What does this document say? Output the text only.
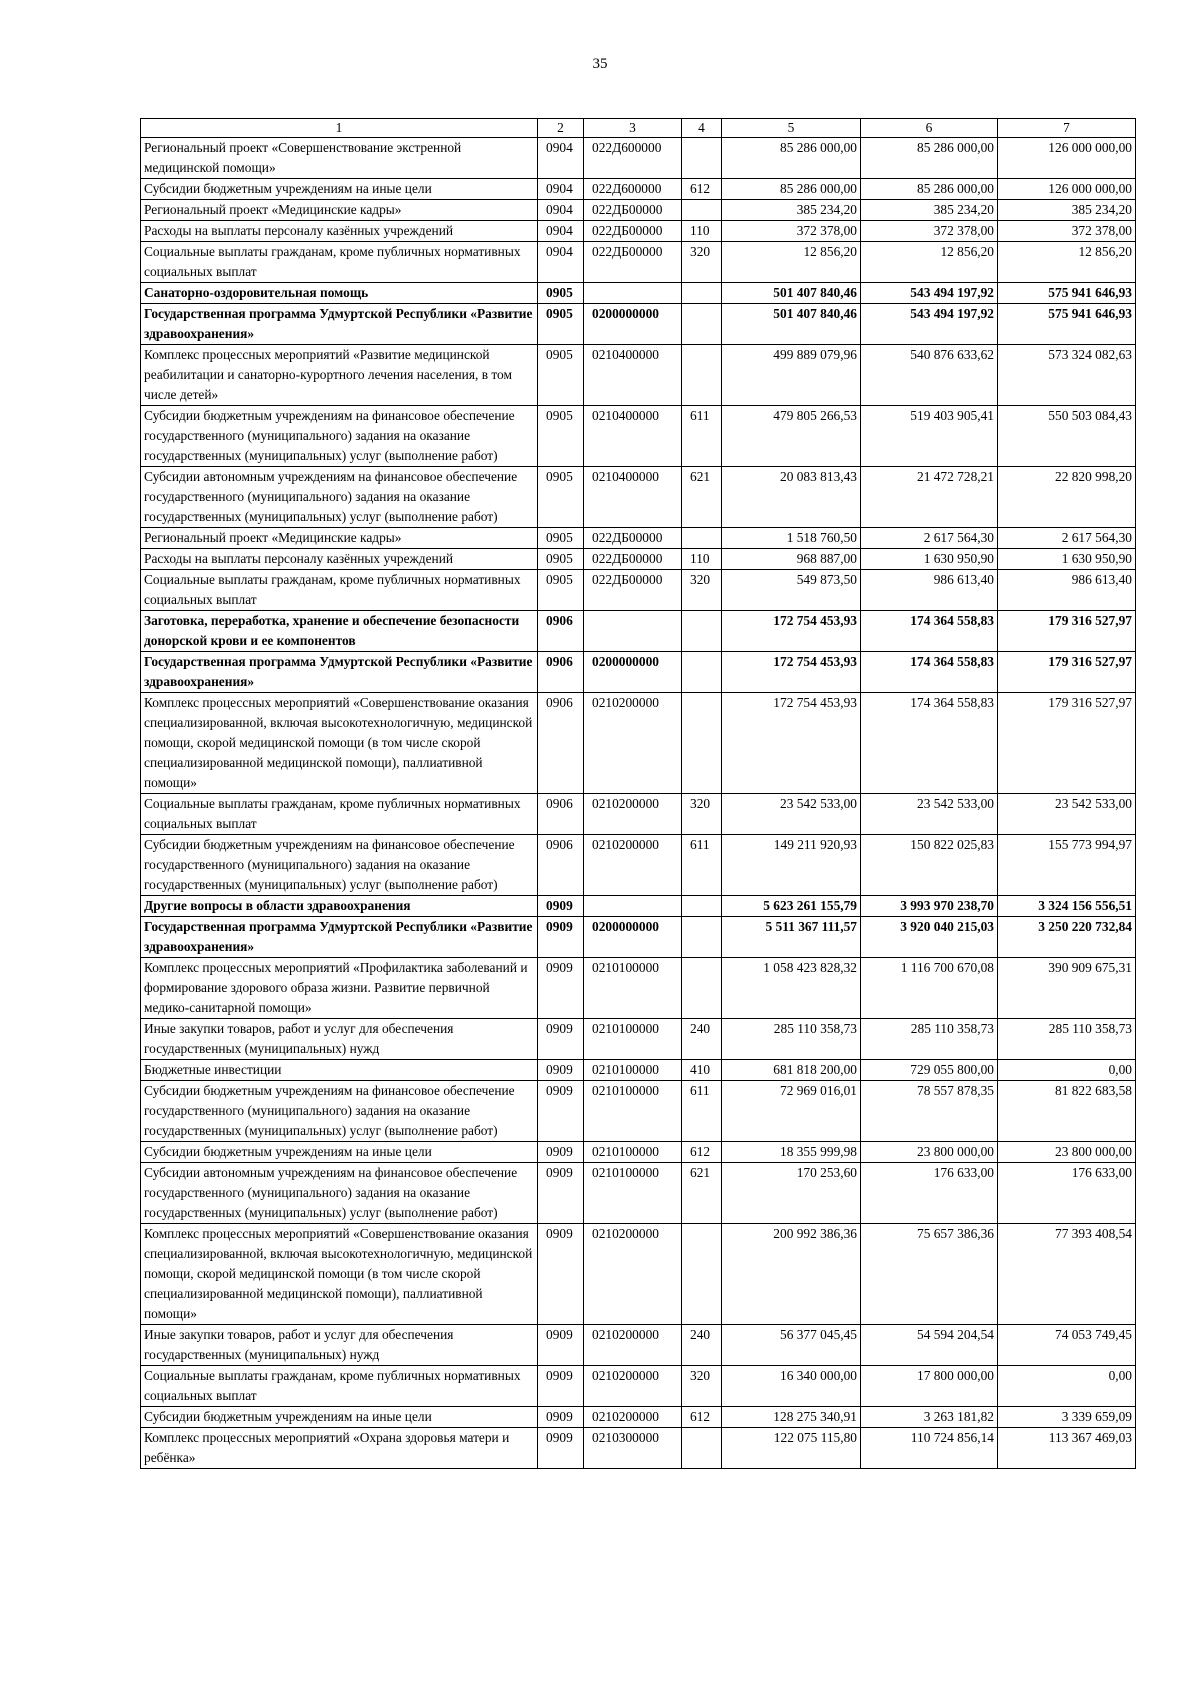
35
1	2	3	4	5	6	7
Региональный проект «Совершенствование экстренной медицинской помощи»	0904	022Д600000		85 286 000,00	85 286 000,00	126 000 000,00
Субсидии бюджетным учреждениям на иные цели	0904	022Д600000	612	85 286 000,00	85 286 000,00	126 000 000,00
Региональный проект «Медицинские кадры»	0904	022ДБ00000		385 234,20	385 234,20	385 234,20
Расходы на выплаты персоналу казённых учреждений	0904	022ДБ00000	110	372 378,00	372 378,00	372 378,00
Социальные выплаты гражданам, кроме публичных нормативных социальных выплат	0904	022ДБ00000	320	12 856,20	12 856,20	12 856,20
Санаторно-оздоровительная помощь	0905			501 407 840,46	543 494 197,92	575 941 646,93
Государственная программа Удмуртской Республики «Развитие здравоохранения»	0905	0200000000		501 407 840,46	543 494 197,92	575 941 646,93
Комплекс процессных мероприятий «Развитие медицинской реабилитации и санаторно-курортного лечения населения, в том числе детей»	0905	0210400000		499 889 079,96	540 876 633,62	573 324 082,63
Субсидии бюджетным учреждениям на финансовое обеспечение государственного (муниципального) задания на оказание государственных (муниципальных) услуг (выполнение работ)	0905	0210400000	611	479 805 266,53	519 403 905,41	550 503 084,43
Субсидии автономным учреждениям на финансовое обеспечение государственного (муниципального) задания на оказание государственных (муниципальных) услуг (выполнение работ)	0905	0210400000	621	20 083 813,43	21 472 728,21	22 820 998,20
Региональный проект «Медицинские кадры»	0905	022ДБ00000		1 518 760,50	2 617 564,30	2 617 564,30
Расходы на выплаты персоналу казённых учреждений	0905	022ДБ00000	110	968 887,00	1 630 950,90	1 630 950,90
Социальные выплаты гражданам, кроме публичных нормативных социальных выплат	0905	022ДБ00000	320	549 873,50	986 613,40	986 613,40
Заготовка, переработка, хранение и обеспечение безопасности донорской крови и ее компонентов	0906			172 754 453,93	174 364 558,83	179 316 527,97
Государственная программа Удмуртской Республики «Развитие здравоохранения»	0906	0200000000		172 754 453,93	174 364 558,83	179 316 527,97
Комплекс процессных мероприятий «Совершенствование оказания специализированной, включая высокотехнологичную, медицинской помощи, скорой медицинской помощи (в том числе скорой специализированной медицинской помощи), паллиативной помощи»	0906	0210200000		172 754 453,93	174 364 558,83	179 316 527,97
Социальные выплаты гражданам, кроме публичных нормативных социальных выплат	0906	0210200000	320	23 542 533,00	23 542 533,00	23 542 533,00
Субсидии бюджетным учреждениям на финансовое обеспечение государственного (муниципального) задания на оказание государственных (муниципальных) услуг (выполнение работ)	0906	0210200000	611	149 211 920,93	150 822 025,83	155 773 994,97
Другие вопросы в области здравоохранения	0909			5 623 261 155,79	3 993 970 238,70	3 324 156 556,51
Государственная программа Удмуртской Республики «Развитие здравоохранения»	0909	0200000000		5 511 367 111,57	3 920 040 215,03	3 250 220 732,84
Комплекс процессных мероприятий «Профилактика заболеваний и формирование здорового образа жизни. Развитие первичной медико-санитарной помощи»	0909	0210100000		1 058 423 828,32	1 116 700 670,08	390 909 675,31
Иные закупки товаров, работ и услуг для обеспечения государственных (муниципальных) нужд	0909	0210100000	240	285 110 358,73	285 110 358,73	285 110 358,73
Бюджетные инвестиции	0909	0210100000	410	681 818 200,00	729 055 800,00	0,00
Субсидии бюджетным учреждениям на финансовое обеспечение государственного (муниципального) задания на оказание государственных (муниципальных) услуг (выполнение работ)	0909	0210100000	611	72 969 016,01	78 557 878,35	81 822 683,58
Субсидии бюджетным учреждениям на иные цели	0909	0210100000	612	18 355 999,98	23 800 000,00	23 800 000,00
Субсидии автономным учреждениям на финансовое обеспечение государственного (муниципального) задания на оказание государственных (муниципальных) услуг (выполнение работ)	0909	0210100000	621	170 253,60	176 633,00	176 633,00
Комплекс процессных мероприятий «Совершенствование оказания специализированной, включая высокотехнологичную, медицинской помощи, скорой медицинской помощи (в том числе скорой специализированной медицинской помощи), паллиативной помощи»	0909	0210200000		200 992 386,36	75 657 386,36	77 393 408,54
Иные закупки товаров, работ и услуг для обеспечения государственных (муниципальных) нужд	0909	0210200000	240	56 377 045,45	54 594 204,54	74 053 749,45
Социальные выплаты гражданам, кроме публичных нормативных социальных выплат	0909	0210200000	320	16 340 000,00	17 800 000,00	0,00
Субсидии бюджетным учреждениям на иные цели	0909	0210200000	612	128 275 340,91	3 263 181,82	3 339 659,09
Комплекс процессных мероприятий «Охрана здоровья матери и ребёнка»	0909	0210300000		122 075 115,80	110 724 856,14	113 367 469,03
